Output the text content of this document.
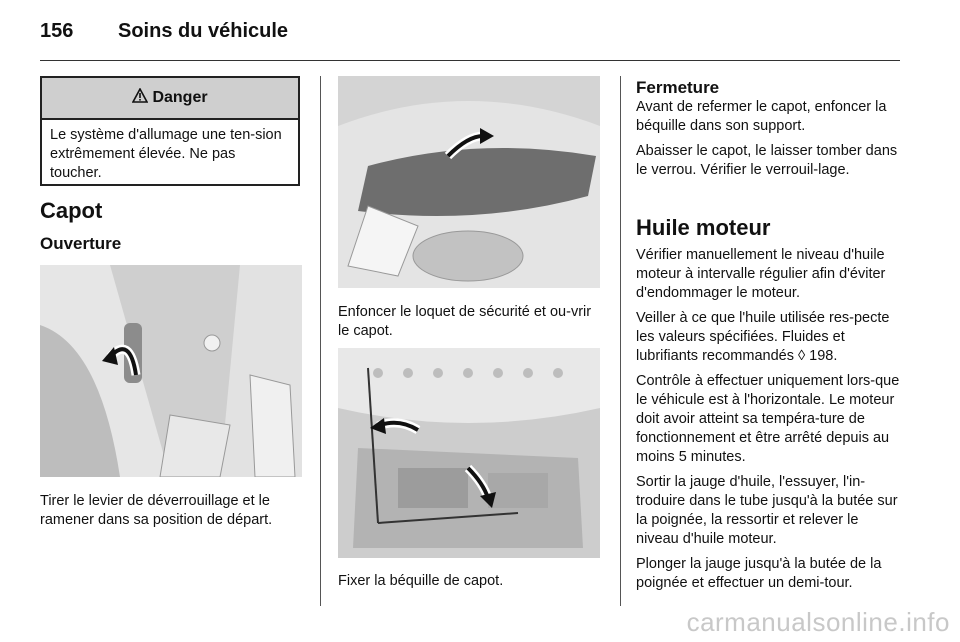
156 Soins du véhicule
Danger
Le système d'allumage une ten-sion extrêmement élevée. Ne pas toucher.
Capot
Ouverture
Tirer le levier de déverrouillage et le ramener dans sa position de départ.
Enfoncer le loquet de sécurité et ou-vrir le capot.
Fixer la béquille de capot.
Fermeture

Avant de refermer le capot, enfoncer la béquille dans son support.

Abaisser le capot, le laisser tomber dans le verrou. Vérifier le verrouil-lage.

Huile moteur

Vérifier manuellement le niveau d'huile moteur à intervalle régulier afin d'éviter d'endommager le moteur.

Veiller à ce que l'huile utilisée res-pecte les valeurs spécifiées. Fluides et lubrifiants recommandés ◊ 198.

Contrôle à effectuer uniquement lors-que le véhicule est à l'horizontale. Le moteur doit avoir atteint sa tempéra-ture de fonctionnement et être arrêté depuis au moins 5 minutes.

Sortir la jauge d'huile, l'essuyer, l'in-troduire dans le tube jusqu'à la butée sur la poignée, la ressortir et relever le niveau d'huile moteur.

Plonger la jauge jusqu'à la butée de la poignée et effectuer un demi-tour.

carmanualsonline.info
